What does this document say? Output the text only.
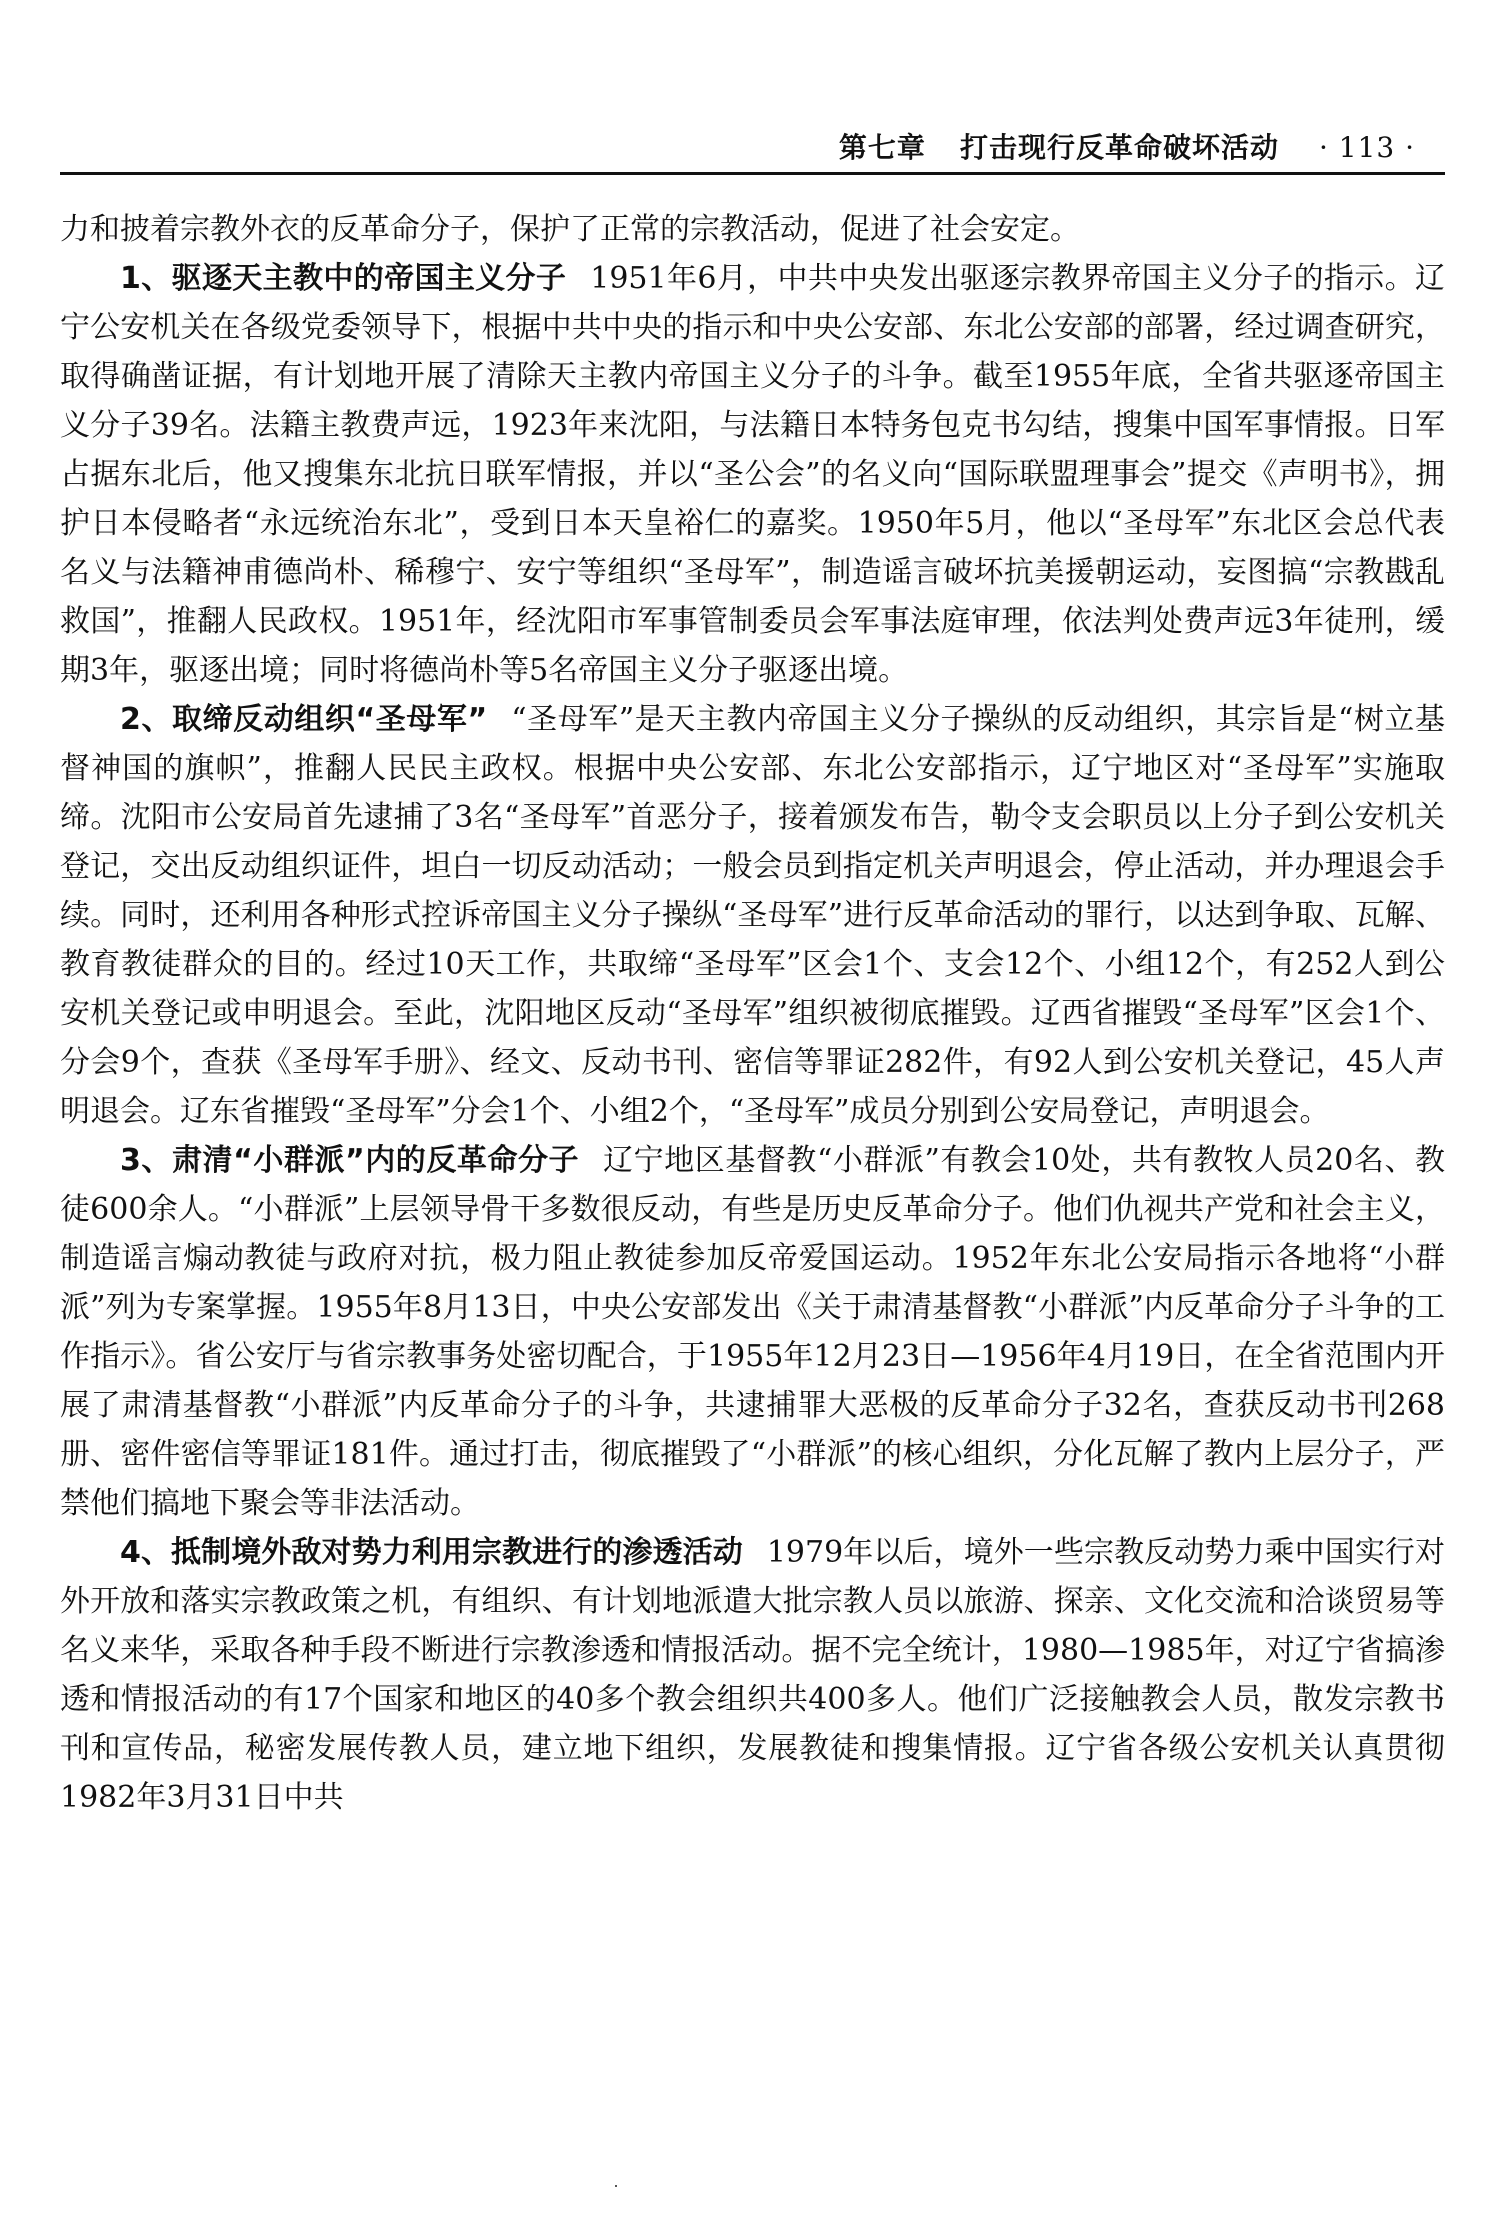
第七章 打击现行反革命破坏活动 · 113 ·

力和披着宗教外衣的反革命分子，保护了正常的宗教活动，促进了社会安定。

1、驱逐天主教中的帝国主义分子 1951年6月，中共中央发出驱逐宗教界帝国主义分子的指示。辽宁公安机关在各级党委领导下，根据中共中央的指示和中央公安部、东北公安部的部署，经过调查研究，取得确凿证据，有计划地开展了清除天主教内帝国主义分子的斗争。截至1955年底，全省共驱逐帝国主义分子39名。法籍主教费声远，1923年来沈阳，与法籍日本特务包克书勾结，搜集中国军事情报。日军占据东北后，他又搜集东北抗日联军情报，并以“圣公会”的名义向“国际联盟理事会”提交《声明书》，拥护日本侵略者“永远统治东北”，受到日本天皇裕仁的嘉奖。1950年5月，他以“圣母军”东北区会总代表名义与法籍神甫德尚朴、稀穆宁、安宁等组织“圣母军”，制造谣言破坏抗美援朝运动，妄图搞“宗教戡乱救国”，推翻人民政权。1951年，经沈阳市军事管制委员会军事法庭审理，依法判处费声远3年徒刑，缓期3年，驱逐出境；同时将德尚朴等5名帝国主义分子驱逐出境。

2、取缔反动组织“圣母军” “圣母军”是天主教内帝国主义分子操纵的反动组织，其宗旨是“树立基督神国的旗帜”，推翻人民民主政权。根据中央公安部、东北公安部指示，辽宁地区对“圣母军”实施取缔。沈阳市公安局首先逮捕了3名“圣母军”首恶分子，接着颁发布告，勒令支会职员以上分子到公安机关登记，交出反动组织证件，坦白一切反动活动；一般会员到指定机关声明退会，停止活动，并办理退会手续。同时，还利用各种形式控诉帝国主义分子操纵“圣母军”进行反革命活动的罪行，以达到争取、瓦解、教育教徒群众的目的。经过10天工作，共取缔“圣母军”区会1个、支会12个、小组12个，有252人到公安机关登记或申明退会。至此，沈阳地区反动“圣母军”组织被彻底摧毁。辽西省摧毁“圣母军”区会1个、分会9个，查获《圣母军手册》、经文、反动书刊、密信等罪证282件，有92人到公安机关登记，45人声明退会。辽东省摧毁“圣母军”分会1个、小组2个，“圣母军”成员分别到公安局登记，声明退会。

3、肃清“小群派”内的反革命分子 辽宁地区基督教“小群派”有教会10处，共有教牧人员20名、教徒600余人。“小群派”上层领导骨干多数很反动，有些是历史反革命分子。他们仇视共产党和社会主义，制造谣言煽动教徒与政府对抗，极力阻止教徒参加反帝爱国运动。1952年东北公安局指示各地将“小群派”列为专案掌握。1955年8月13日，中央公安部发出《关于肃清基督教“小群派”内反革命分子斗争的工作指示》。省公安厅与省宗教事务处密切配合，于1955年12月23日—1956年4月19日，在全省范围内开展了肃清基督教“小群派”内反革命分子的斗争，共逮捕罪大恶极的反革命分子32名，查获反动书刊268册、密件密信等罪证181件。通过打击，彻底摧毁了“小群派”的核心组织，分化瓦解了教内上层分子，严禁他们搞地下聚会等非法活动。

4、抵制境外敌对势力利用宗教进行的渗透活动 1979年以后，境外一些宗教反动势力乘中国实行对外开放和落实宗教政策之机，有组织、有计划地派遣大批宗教人员以旅游、探亲、文化交流和洽谈贸易等名义来华，采取各种手段不断进行宗教渗透和情报活动。据不完全统计，1980—1985年，对辽宁省搞渗透和情报活动的有17个国家和地区的40多个教会组织共400多人。他们广泛接触教会人员，散发宗教书刊和宣传品，秘密发展传教人员，建立地下组织，发展教徒和搜集情报。辽宁省各级公安机关认真贯彻1982年3月31日中共
